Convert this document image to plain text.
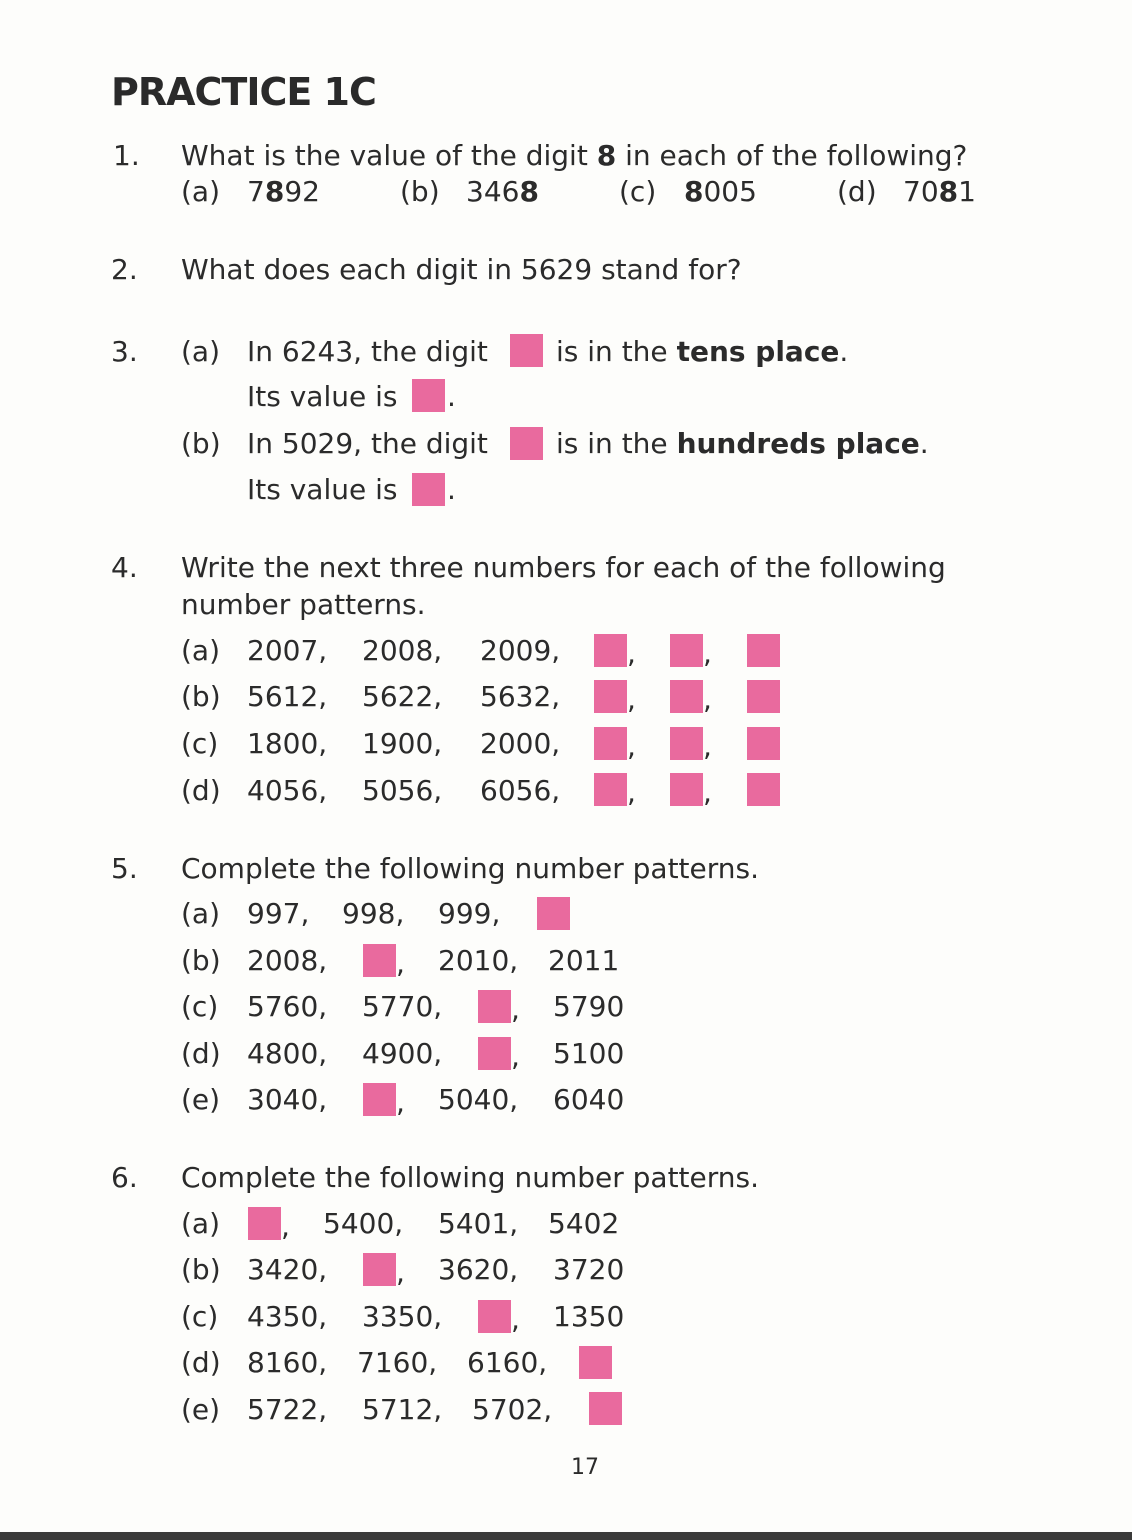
PRACTICE 1C
1. What is the value of the digit 8 in each of the following?
(a) 7892	(b) 3468	(c) 8005	(d) 7081
2. What does each digit in 5629 stand for?
3. (a) In 6243, the digit is in the tens place.
Its value is .
(b) In 5029, the digit is in the hundreds place.
Its value is .
4. Write the next three numbers for each of the following
number patterns.
(a) 2007, 2008, 2009, , ,
(b) 5612, 5622, 5632, , ,
(c) 1800, 1900, 2000, , ,
(d) 4056, 5056, 6056, , ,
5. Complete the following number patterns.
(a) 997, 998, 999,
(b) 2008, , 2010, 2011
(c) 5760, 5770, , 5790
(d) 4800, 4900, , 5100
(e) 3040, , 5040, 6040
6. Complete the following number patterns.
(a) , 5400, 5401, 5402
(b) 3420, , 3620, 3720
(c) 4350, 3350, , 1350
(d) 8160, 7160, 6160,
(e) 5722, 5712, 5702,
17
